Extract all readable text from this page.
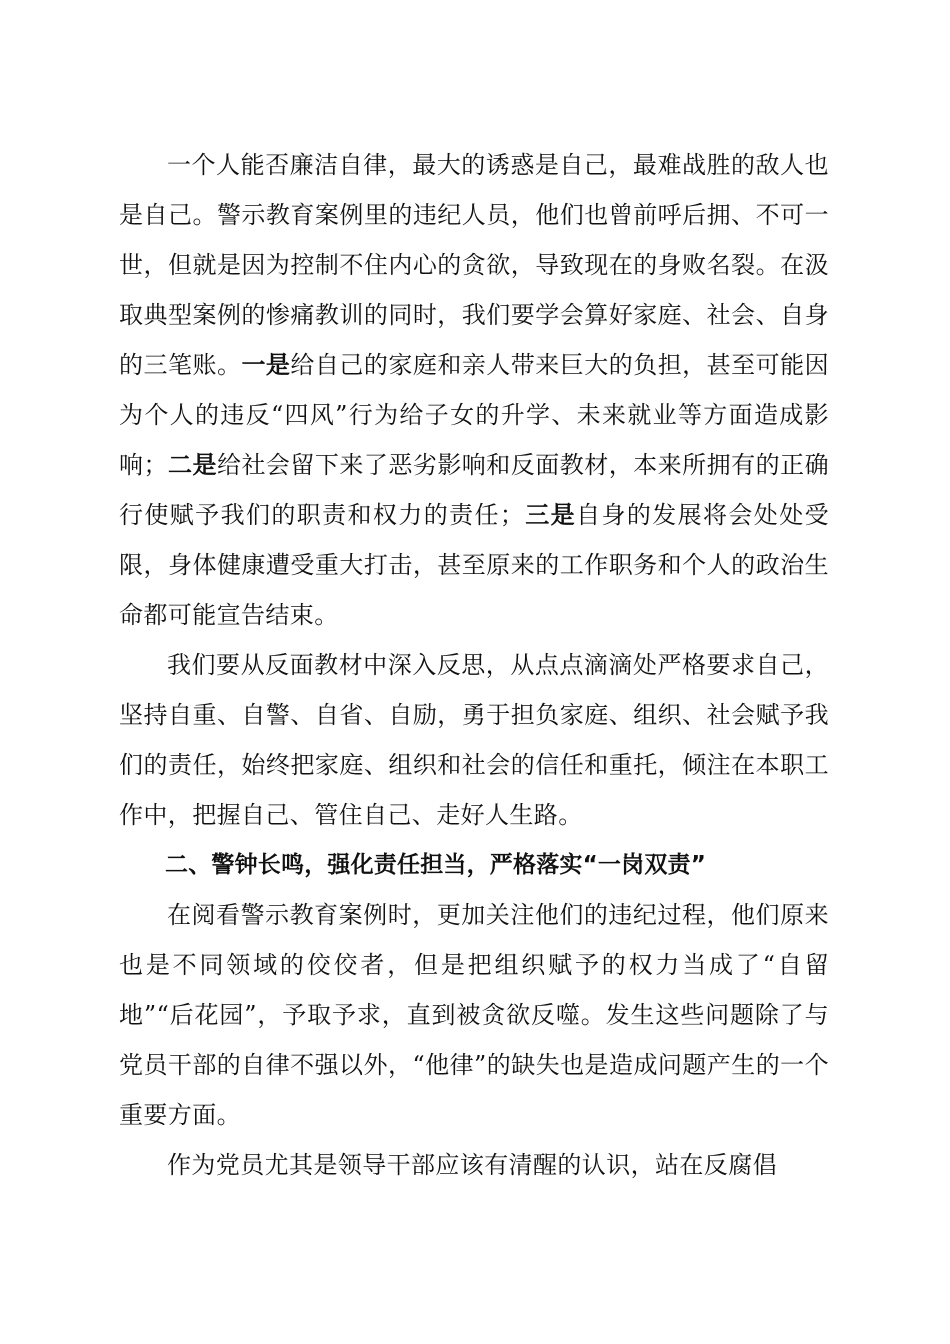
一个人能否廉洁自律，最大的诱惑是自己，最难战胜的敌人也是自己。警示教育案例里的违纪人员，他们也曾前呼后拥、不可一世，但就是因为控制不住内心的贪欲，导致现在的身败名裂。在汲取典型案例的惨痛教训的同时，我们要学会算好家庭、社会、自身的三笔账。一是给自己的家庭和亲人带来巨大的负担，甚至可能因为个人的违反“四风”行为给子女的升学、未来就业等方面造成影响；二是给社会留下来了恶劣影响和反面教材，本来所拥有的正确行使赋予我们的职责和权力的责任；三是自身的发展将会处处受限，身体健康遭受重大打击，甚至原来的工作职务和个人的政治生命都可能宣告结束。

我们要从反面教材中深入反思，从点点滴滴处严格要求自己，坚持自重、自警、自省、自励，勇于担负家庭、组织、社会赋予我们的责任，始终把家庭、组织和社会的信任和重托，倾注在本职工作中，把握自己、管住自己、走好人生路。

二、警钟长鸣，强化责任担当，严格落实“一岗双责”

在阅看警示教育案例时，更加关注他们的违纪过程，他们原来也是不同领域的佼佼者，但是把组织赋予的权力当成了“自留地”“后花园”，予取予求，直到被贪欲反噬。发生这些问题除了与党员干部的自律不强以外，“他律”的缺失也是造成问题产生的一个重要方面。

作为党员尤其是领导干部应该有清醒的认识，站在反腐倡
